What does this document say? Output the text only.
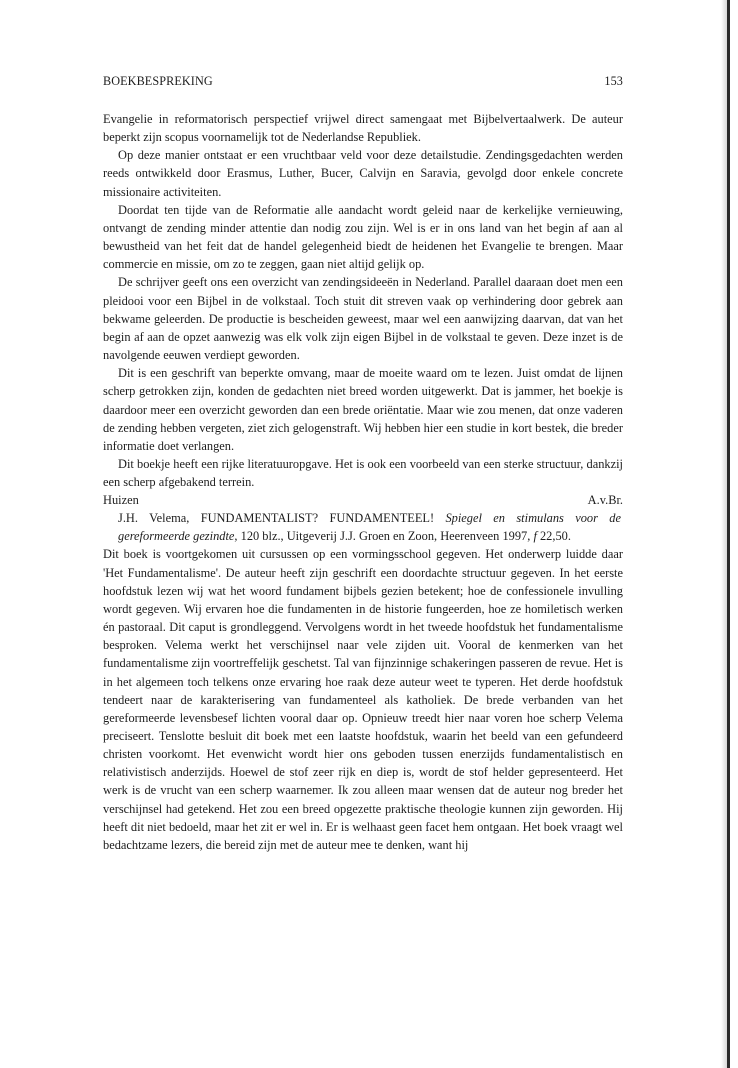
BOEKBESPREKING	153

Evangelie in reformatorisch perspectief vrijwel direct samengaat met Bijbelvertaalwerk. De auteur beperkt zijn scopus voornamelijk tot de Nederlandse Republiek.

Op deze manier ontstaat er een vruchtbaar veld voor deze detailstudie. Zendingsgedachten werden reeds ontwikkeld door Erasmus, Luther, Bucer, Calvijn en Saravia, gevolgd door enkele concrete missionaire activiteiten.

Doordat ten tijde van de Reformatie alle aandacht wordt geleid naar de kerkelijke vernieuwing, ontvangt de zending minder attentie dan nodig zou zijn. Wel is er in ons land van het begin af aan al bewustheid van het feit dat de handel gelegenheid biedt de heidenen het Evangelie te brengen. Maar commercie en missie, om zo te zeggen, gaan niet altijd gelijk op.

De schrijver geeft ons een overzicht van zendingsideeën in Nederland. Parallel daaraan doet men een pleidooi voor een Bijbel in de volkstaal. Toch stuit dit streven vaak op verhindering door gebrek aan bekwame geleerden. De productie is bescheiden geweest, maar wel een aanwijzing daarvan, dat van het begin af aan de opzet aanwezig was elk volk zijn eigen Bijbel in de volkstaal te geven. Deze inzet is de navolgende eeuwen verdiept geworden.

Dit is een geschrift van beperkte omvang, maar de moeite waard om te lezen. Juist omdat de lijnen scherp getrokken zijn, konden de gedachten niet breed worden uitgewerkt. Dat is jammer, het boekje is daardoor meer een overzicht geworden dan een brede oriëntatie. Maar wie zou menen, dat onze vaderen de zending hebben vergeten, ziet zich gelogenstraft. Wij hebben hier een studie in kort bestek, die breder informatie doet verlangen.

Dit boekje heeft een rijke literatuuropgave. Het is ook een voorbeeld van een sterke structuur, dankzij een scherp afgebakend terrein.

Huizen	A.v.Br.

J.H. Velema, FUNDAMENTALIST? FUNDAMENTEEL! Spiegel en stimulans voor de gereformeerde gezindte, 120 blz., Uitgeverij J.J. Groen en Zoon, Heerenveen 1997, f 22,50.

Dit boek is voortgekomen uit cursussen op een vormingsschool gegeven. Het onderwerp luidde daar 'Het Fundamentalisme'. De auteur heeft zijn geschrift een doordachte structuur gegeven. In het eerste hoofdstuk lezen wij wat het woord fundament bijbels gezien betekent; hoe de confessionele invulling wordt gegeven. Wij ervaren hoe die fundamenten in de historie fungeerden, hoe ze homiletisch werken én pastoraal. Dit caput is grondleggend. Vervolgens wordt in het tweede hoofdstuk het fundamentalisme besproken. Velema werkt het verschijnsel naar vele zijden uit. Vooral de kenmerken van het fundamentalisme zijn voortreffelijk geschetst. Tal van fijnzinnige schakeringen passeren de revue. Het is in het algemeen toch telkens onze ervaring hoe raak deze auteur weet te typeren. Het derde hoofdstuk tendeert naar de karakterisering van fundamenteel als katholiek. De brede verbanden van het gereformeerde levensbesef lichten vooral daar op. Opnieuw treedt hier naar voren hoe scherp Velema preciseert. Tenslotte besluit dit boek met een laatste hoofdstuk, waarin het beeld van een gefundeerd christen voorkomt. Het evenwicht wordt hier ons geboden tussen enerzijds fundamentalistisch en relativistisch anderzijds. Hoewel de stof zeer rijk en diep is, wordt de stof helder gepresenteerd. Het werk is de vrucht van een scherp waarnemer. Ik zou alleen maar wensen dat de auteur nog breder het verschijnsel had getekend. Het zou een breed opgezette praktische theologie kunnen zijn geworden. Hij heeft dit niet bedoeld, maar het zit er wel in. Er is welhaast geen facet hem ontgaan. Het boek vraagt wel bedachtzame lezers, die bereid zijn met de auteur mee te denken, want hij
